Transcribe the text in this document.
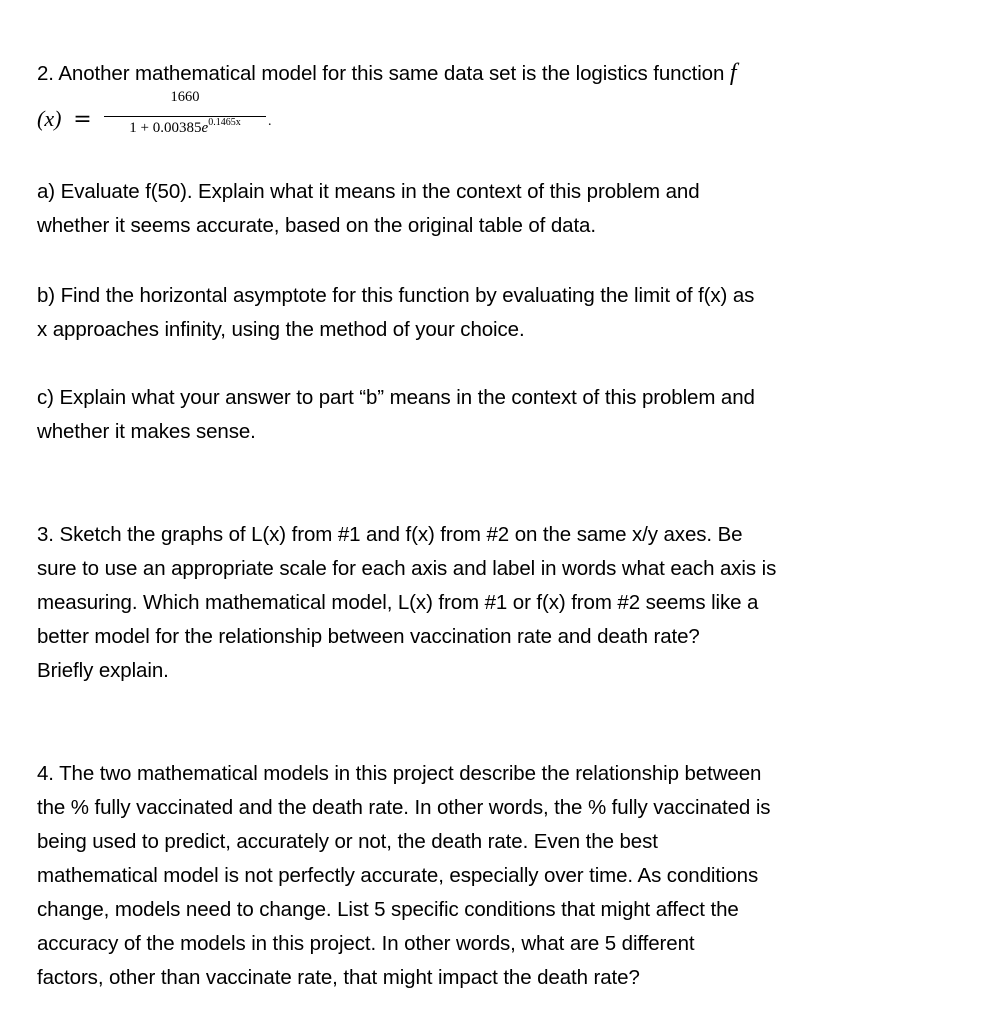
2. Another mathematical model for this same data set is the logistics function f
(x) =
1660
$1 + 0.00385e^{0.1465x}$	.
a) Evaluate f(50). Explain what it means in the context of this problem and
whether it seems accurate, based on the original table of data.
b) Find the horizontal asymptote for this function by evaluating the limit of f(x) as
x approaches infinity, using the method of your choice.
c) Explain what your answer to part “b” means in the context of this problem and
whether it makes sense.
3. Sketch the graphs of L(x) from #1 and f(x) from #2 on the same x/y axes. Be
sure to use an appropriate scale for each axis and label in words what each axis is
measuring. Which mathematical model, L(x) from #1 or f(x) from #2 seems like a
better model for the relationship between vaccination rate and death rate?
Briefly explain.
4. The two mathematical models in this project describe the relationship between
the % fully vaccinated and the death rate. In other words, the % fully vaccinated is
being used to predict, accurately or not, the death rate. Even the best
mathematical model is not perfectly accurate, especially over time. As conditions
change, models need to change. List 5 specific conditions that might affect the
accuracy of the models in this project. In other words, what are 5 different
factors, other than vaccinate rate, that might impact the death rate?
